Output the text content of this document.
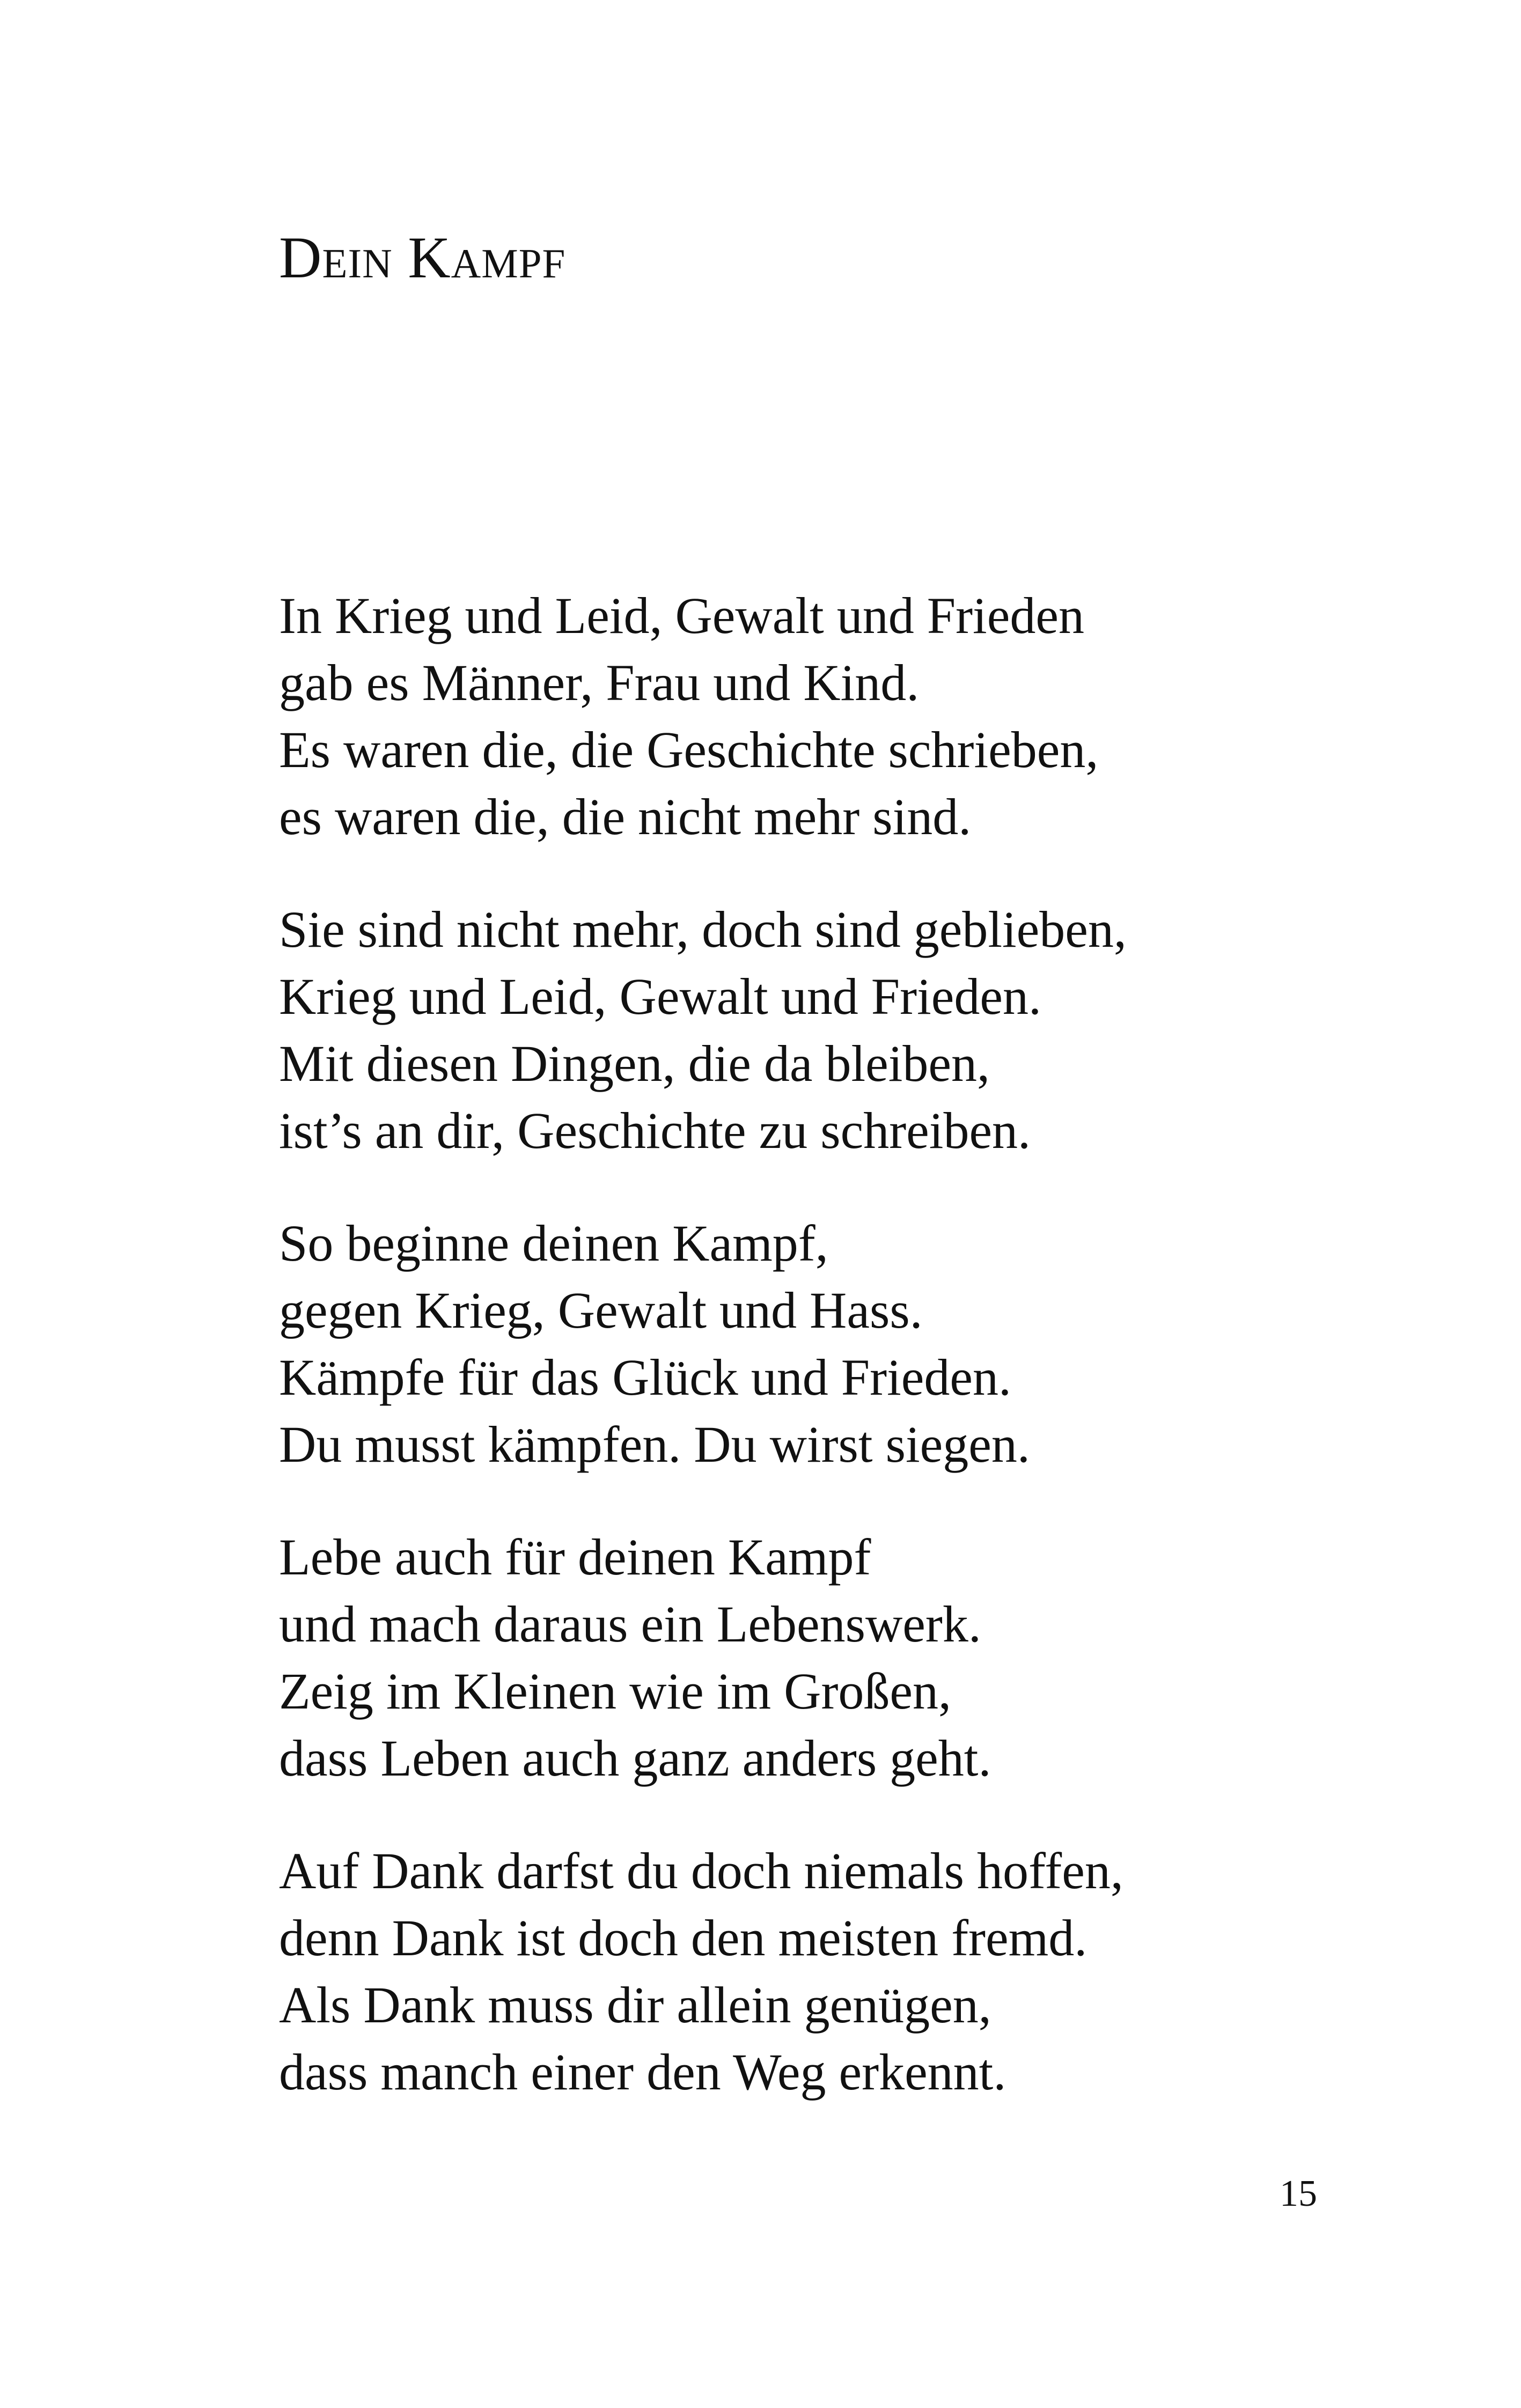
Dein Kampf
In Krieg und Leid, Gewalt und Frieden
gab es Männer, Frau und Kind.
Es waren die, die Geschichte schrieben,
es waren die, die nicht mehr sind.
Sie sind nicht mehr, doch sind geblieben,
Krieg und Leid, Gewalt und Frieden.
Mit diesen Dingen, die da bleiben,
ist’s an dir, Geschichte zu schreiben.
So beginne deinen Kampf,
gegen Krieg, Gewalt und Hass.
Kämpfe für das Glück und Frieden.
Du musst kämpfen. Du wirst siegen.
Lebe auch für deinen Kampf
und mach daraus ein Lebenswerk.
Zeig im Kleinen wie im Großen,
dass Leben auch ganz anders geht.
Auf Dank darfst du doch niemals hoffen,
denn Dank ist doch den meisten fremd.
Als Dank muss dir allein genügen,
dass manch einer den Weg erkennt.
15
